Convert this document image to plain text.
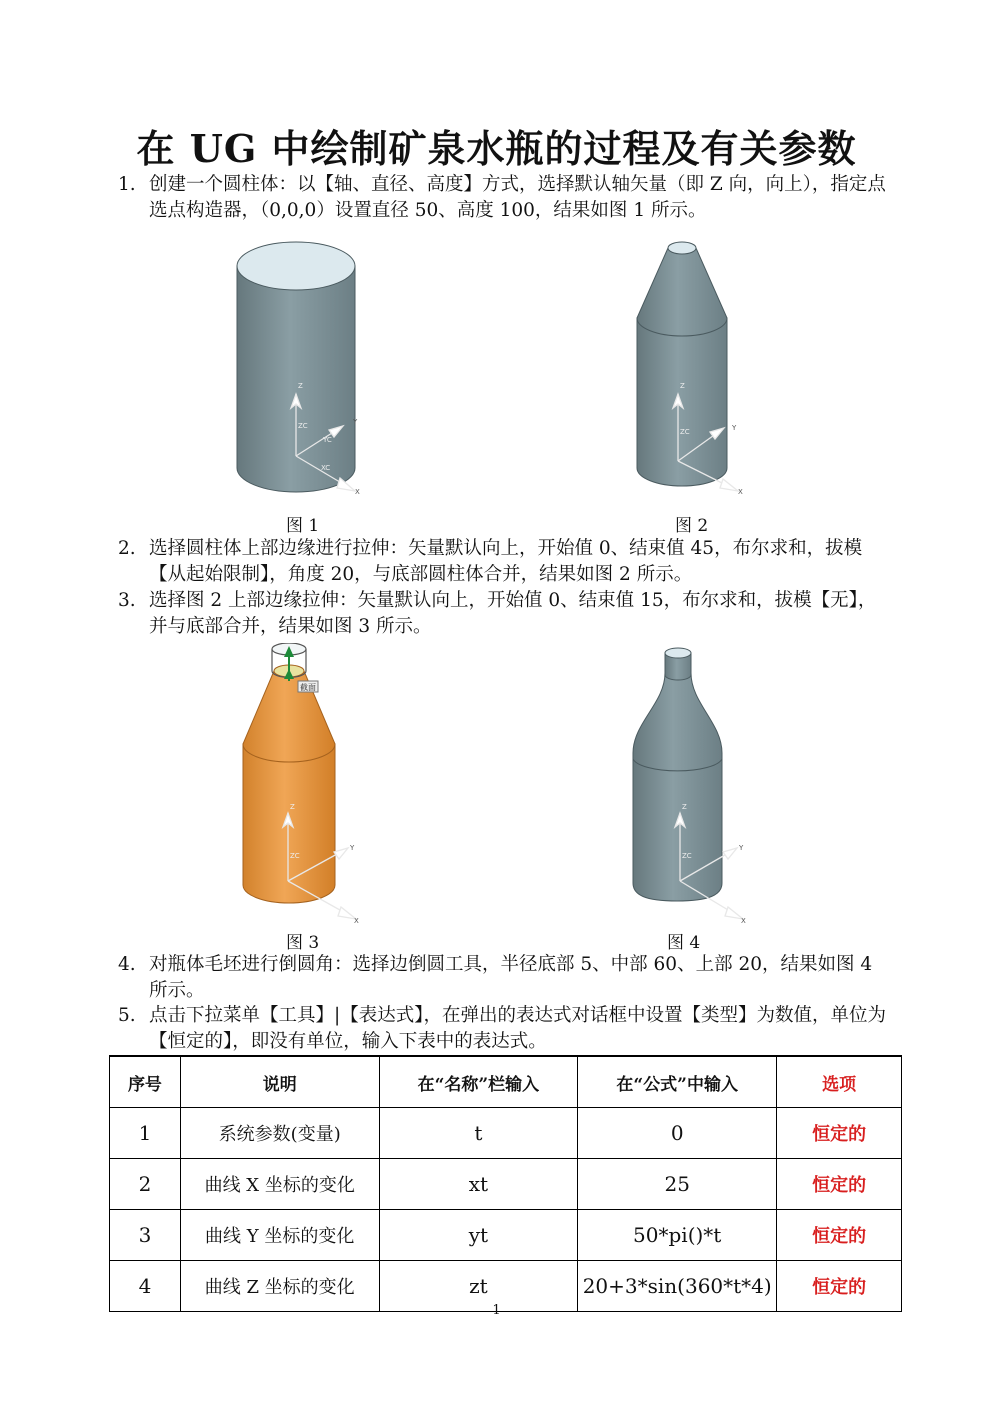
在 UG 中绘制矿泉水瓶的过程及有关参数
1. 创建一个圆柱体：以【轴、直径、高度】方式，选择默认轴矢量（即 Z 向，向上），指定点选点构造器，（0,0,0）设置直径 50、高度 100，结果如图 1 所示。
Z
ZC
YC
Y
XC
X
Z
ZC	Y
X
图 1	图 2
2. 选择圆柱体上部边缘进行拉伸：矢量默认向上，开始值 0、结束值 45，布尔求和，拔模【从起始限制】，角度 20，与底部圆柱体合并，结果如图 2 所示。
3. 选择图 2 上部边缘拉伸：矢量默认向上，开始值 0、结束值 15，布尔求和，拔模【无】，并与底部合并，结果如图 3 所示。
截面
Z
ZC
Y
X
Z
ZC
Y
X
图 3	图 4
4. 对瓶体毛坯进行倒圆角：选择边倒圆工具，半径底部 5、中部 60、上部 20，结果如图 4 所示。
5. 点击下拉菜单【工具】|【表达式】，在弹出的表达式对话框中设置【类型】为数值，单位为【恒定的】，即没有单位，输入下表中的表达式。
序号	说明	在“名称”栏输入	在“公式”中输入	选项
1	系统参数(变量)	t	0	恒定的
2	曲线 X 坐标的变化	xt	25	恒定的
3	曲线 Y 坐标的变化	yt	50*pi()*t	恒定的
4	曲线 Z 坐标的变化	zt	20+3*sin(360*t*4)	恒定的
1
